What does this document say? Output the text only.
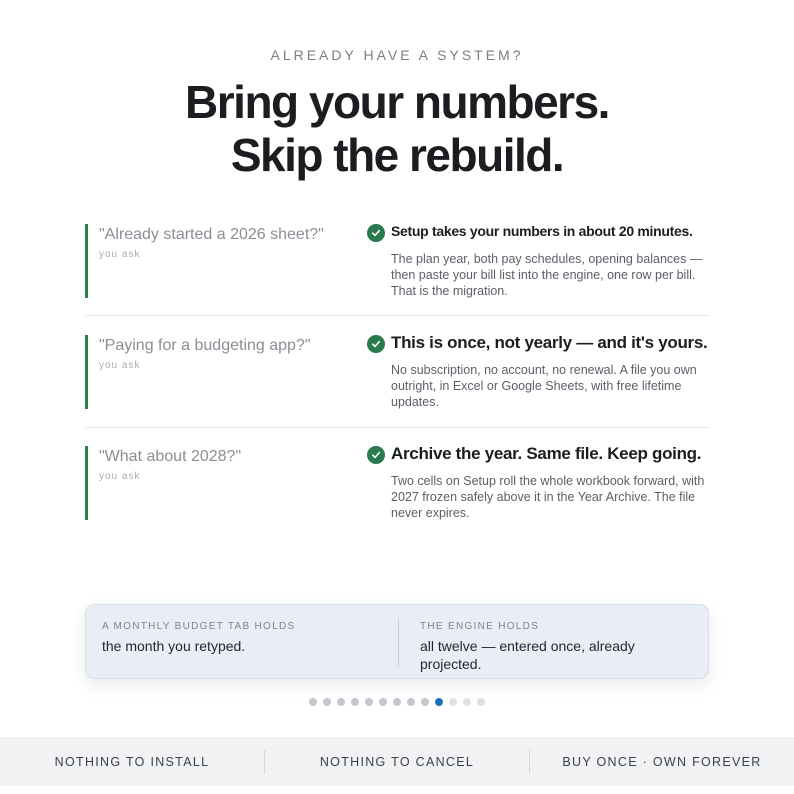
ALREADY HAVE A SYSTEM?
Bring your numbers.
Skip the rebuild.
"Already started a 2026 sheet?"
you ask
Setup takes your numbers in about 20 minutes.
The plan year, both pay schedules, opening balances — then paste your bill list into the engine, one row per bill. That is the migration.
"Paying for a budgeting app?"
you ask
This is once, not yearly — and it's yours.
No subscription, no account, no renewal. A file you own outright, in Excel or Google Sheets, with free lifetime updates.
"What about 2028?"
you ask
Archive the year. Same file. Keep going.
Two cells on Setup roll the whole workbook forward, with 2027 frozen safely above it in the Year Archive. The file never expires.
A MONTHLY BUDGET TAB HOLDS
the month you retyped.
THE ENGINE HOLDS
all twelve — entered once, already projected.
NOTHING TO INSTALL	NOTHING TO CANCEL	BUY ONCE · OWN FOREVER
